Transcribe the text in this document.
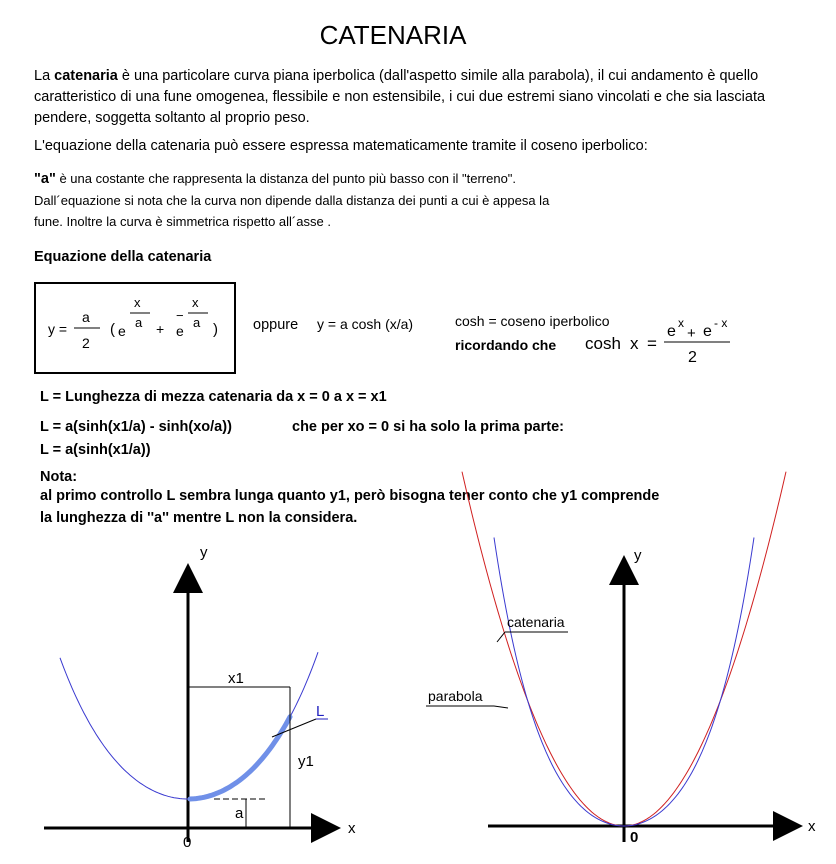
CATENARIA
La catenaria è una particolare curva piana iperbolica (dall'aspetto simile alla parabola), il cui andamento è quello
caratteristico di una fune omogenea, flessibile e non estensibile, i cui due estremi siano vincolati e che sia lasciata
pendere, soggetta soltanto al proprio peso.
L'equazione della catenaria può essere espressa matematicamente tramite il coseno iperbolico:
"a" è una costante che rappresenta la distanza del punto più basso con il "terreno".
Dall´equazione si nota che la curva non dipende dalla distanza dei punti a cui è appesa la
fune. Inoltre la curva è simmetrica rispetto all´asse .
Equazione della catenaria
y =
a
2
( e
x
a + e
−
x
a ) oppure y = a cosh (x/a)	cosh = coseno iperbolico
ricordando che cosh x =
e x
+ e - x
2
L = Lunghezza di mezza catenaria da x = 0 a x = x1
L = a(sinh(x1/a) - sinh(xo/a))	che per xo = 0 si ha solo la prima parte:
L = a(sinh(x1/a))
Nota:
al primo controllo L sembra lunga quanto y1, però bisogna tener conto che y1 comprende
la lunghezza di ''a'' mentre L non la considera.
y
x
0
x1
y1
L
a
y
x
0
catenaria
parabola
